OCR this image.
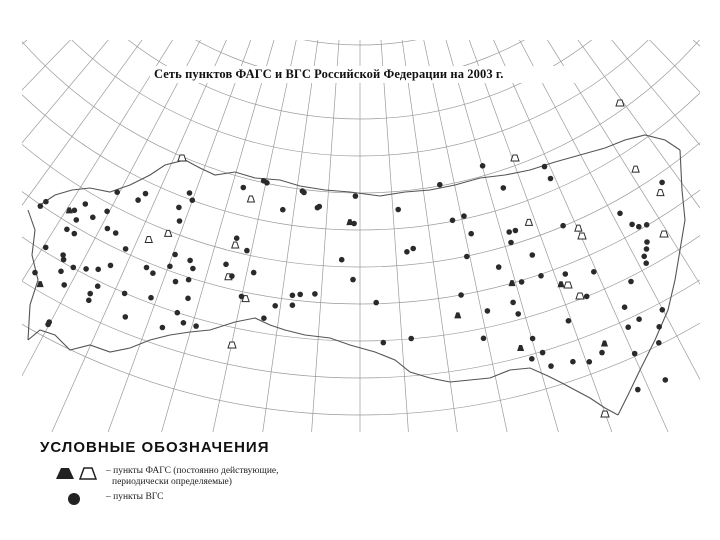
Сеть пунктов ФАГС и ВГС Российской Федерации на 2003 г.
УСЛОВНЫЕ ОБОЗНАЧЕНИЯ
– пункты ФАГС (постоянно действующие,
периодически определяемые)
– пункты ВГС
